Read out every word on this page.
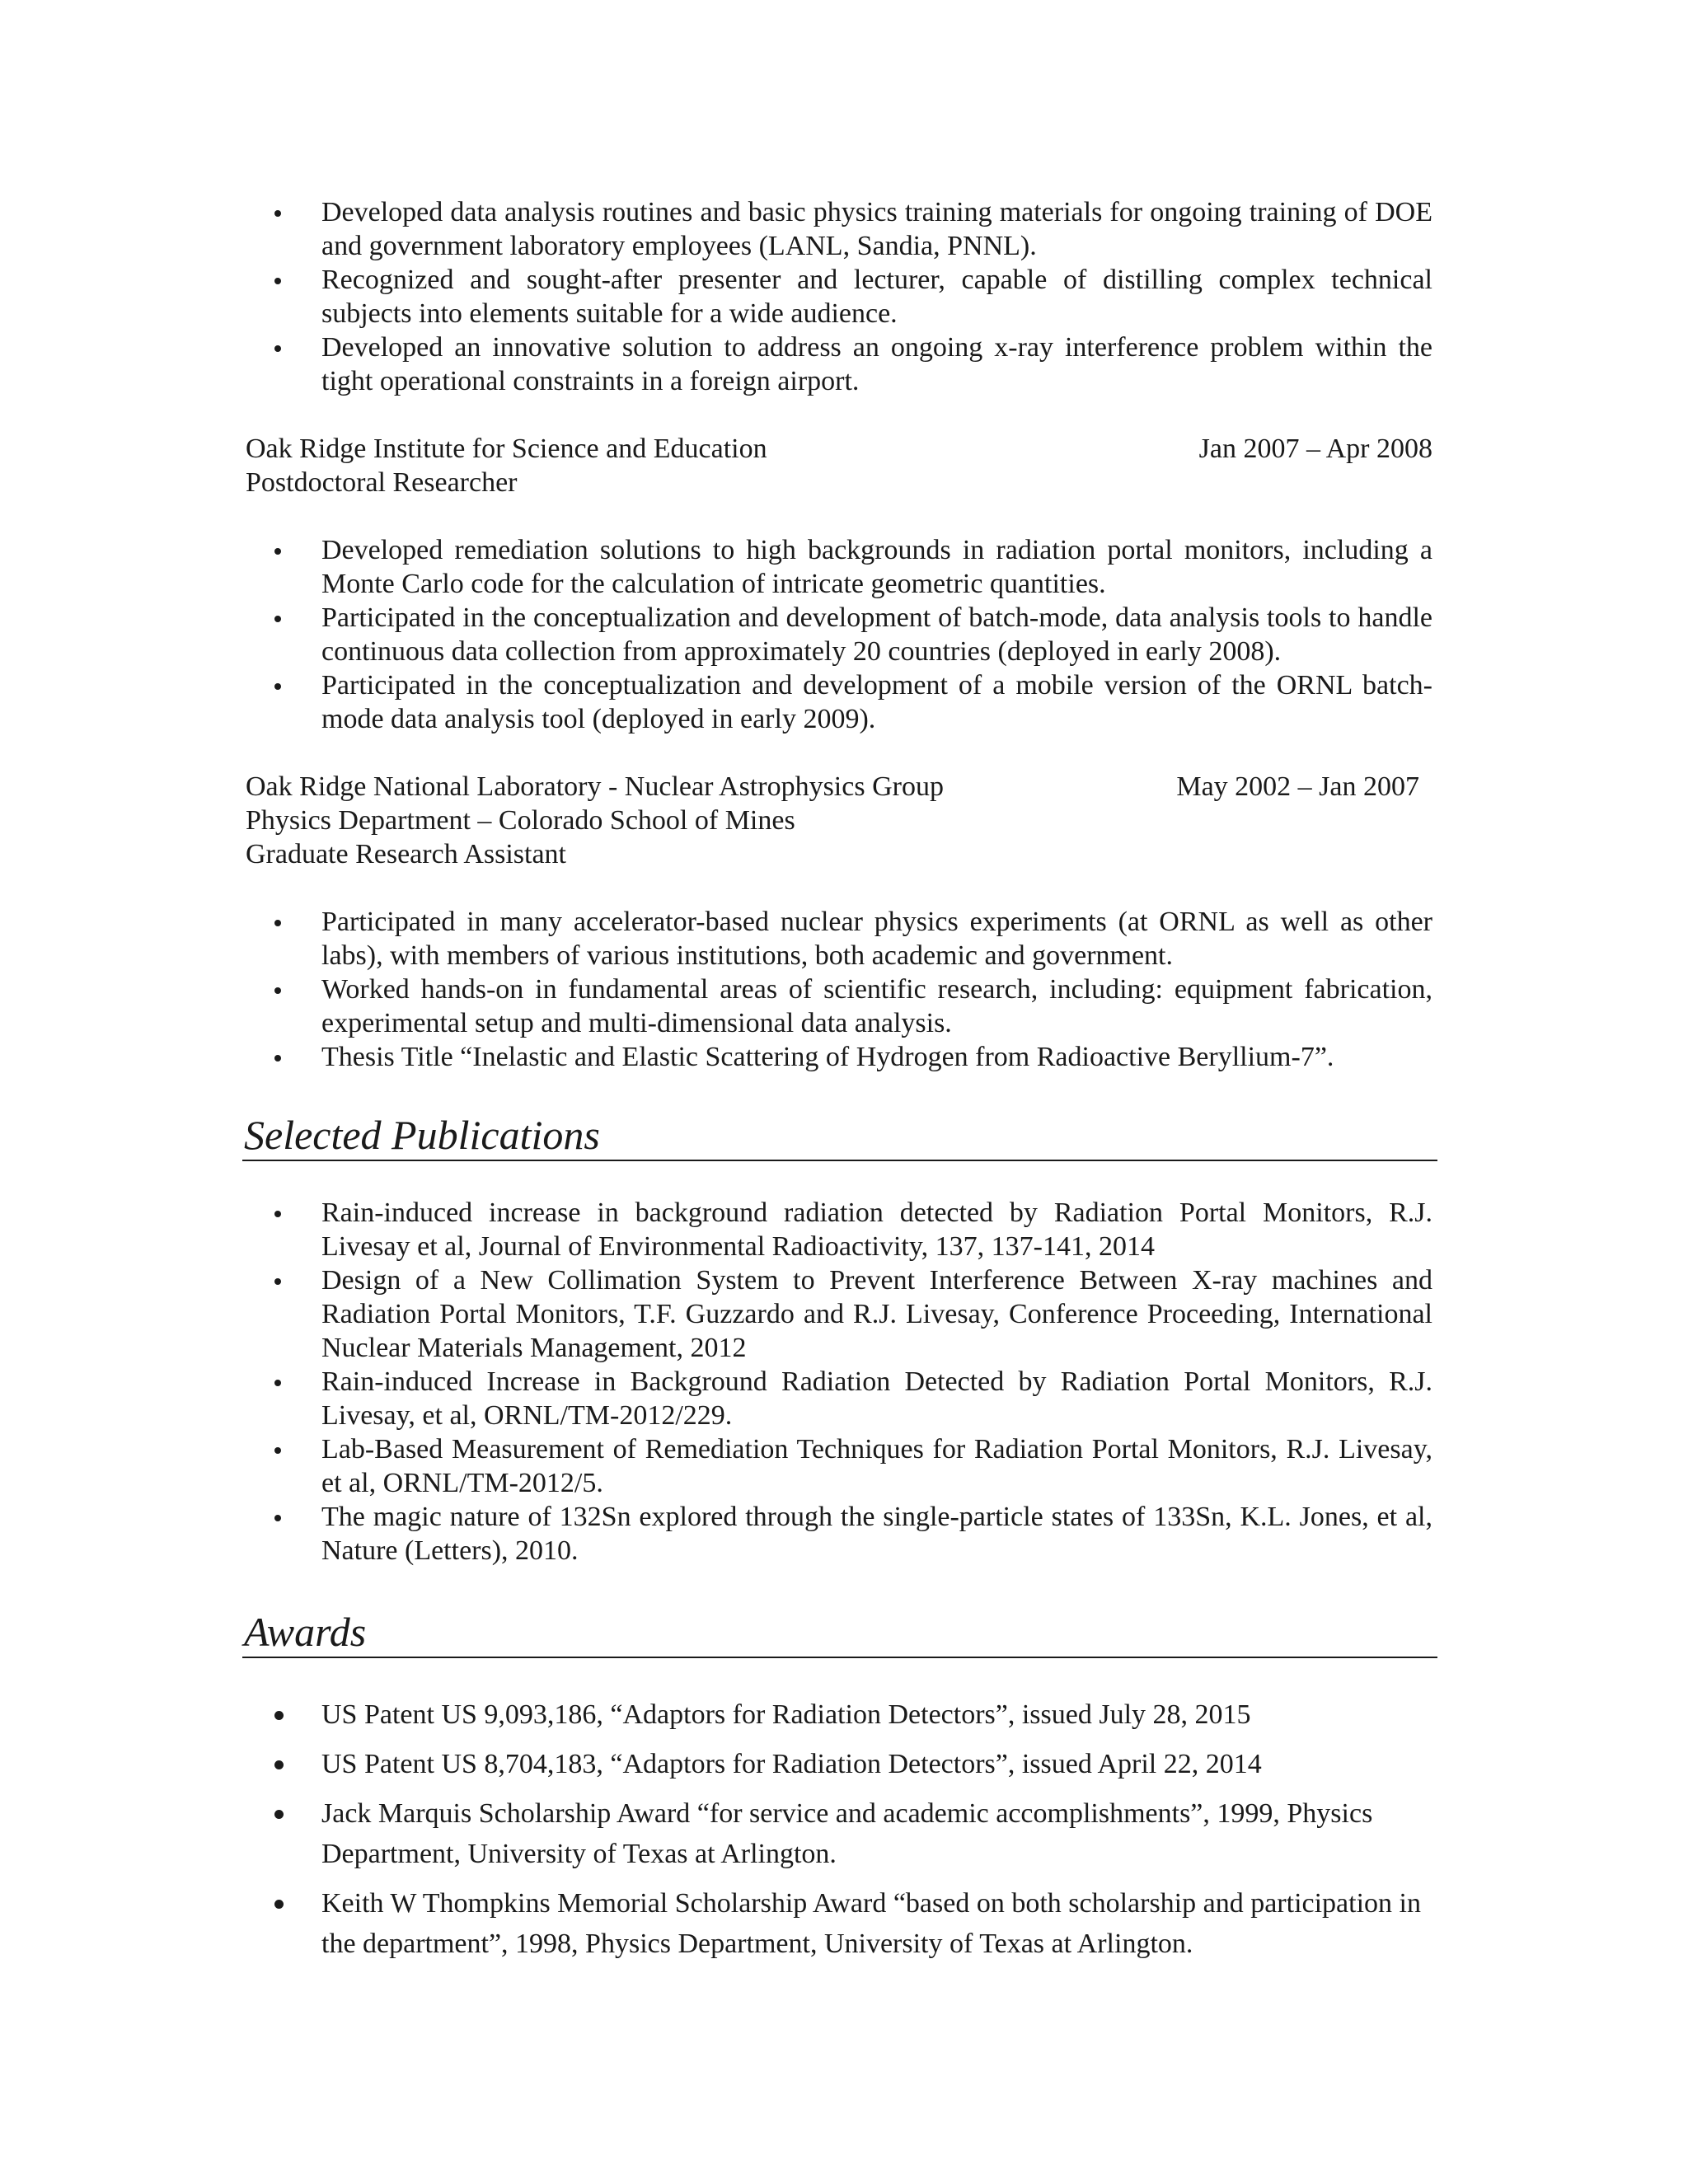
Developed data analysis routines and basic physics training materials for ongoing training of DOE and government laboratory employees (LANL, Sandia, PNNL).
Recognized and sought-after presenter and lecturer, capable of distilling complex technical subjects into elements suitable for a wide audience.
Developed an innovative solution to address an ongoing x-ray interference problem within the tight operational constraints in a foreign airport.
Oak Ridge Institute for Science and Education	Jan 2007 – Apr 2008
Postdoctoral Researcher
Developed remediation solutions to high backgrounds in radiation portal monitors, including a Monte Carlo code for the calculation of intricate geometric quantities.
Participated in the conceptualization and development of batch-mode, data analysis tools to handle continuous data collection from approximately 20 countries (deployed in early 2008).
Participated in the conceptualization and development of a mobile version of the ORNL batch-mode data analysis tool (deployed in early 2009).
Oak Ridge National Laboratory - Nuclear Astrophysics Group	May 2002 – Jan 2007
Physics Department – Colorado School of Mines
Graduate Research Assistant
Participated in many accelerator-based nuclear physics experiments (at ORNL as well as other labs), with members of various institutions, both academic and government.
Worked hands-on in fundamental areas of scientific research, including: equipment fabrication, experimental setup and multi-dimensional data analysis.
Thesis Title “Inelastic and Elastic Scattering of Hydrogen from Radioactive Beryllium-7”.
Selected Publications
Rain-induced increase in background radiation detected by Radiation Portal Monitors, R.J. Livesay et al, Journal of Environmental Radioactivity, 137, 137-141, 2014
Design of a New Collimation System to Prevent Interference Between X-ray machines and Radiation Portal Monitors, T.F. Guzzardo and R.J. Livesay, Conference Proceeding, International Nuclear Materials Management, 2012
Rain-induced Increase in Background Radiation Detected by Radiation Portal Monitors, R.J. Livesay, et al, ORNL/TM-2012/229.
Lab-Based Measurement of Remediation Techniques for Radiation Portal Monitors, R.J. Livesay, et al, ORNL/TM-2012/5.
The magic nature of 132Sn explored through the single-particle states of 133Sn, K.L. Jones, et al, Nature (Letters), 2010.
Awards
US Patent US 9,093,186, “Adaptors for Radiation Detectors”, issued July 28, 2015
US Patent US 8,704,183, “Adaptors for Radiation Detectors”, issued April 22, 2014
Jack Marquis Scholarship Award “for service and academic accomplishments”, 1999, Physics Department, University of Texas at Arlington.
Keith W Thompkins Memorial Scholarship Award “based on both scholarship and participation in the department”, 1998, Physics Department, University of Texas at Arlington.
